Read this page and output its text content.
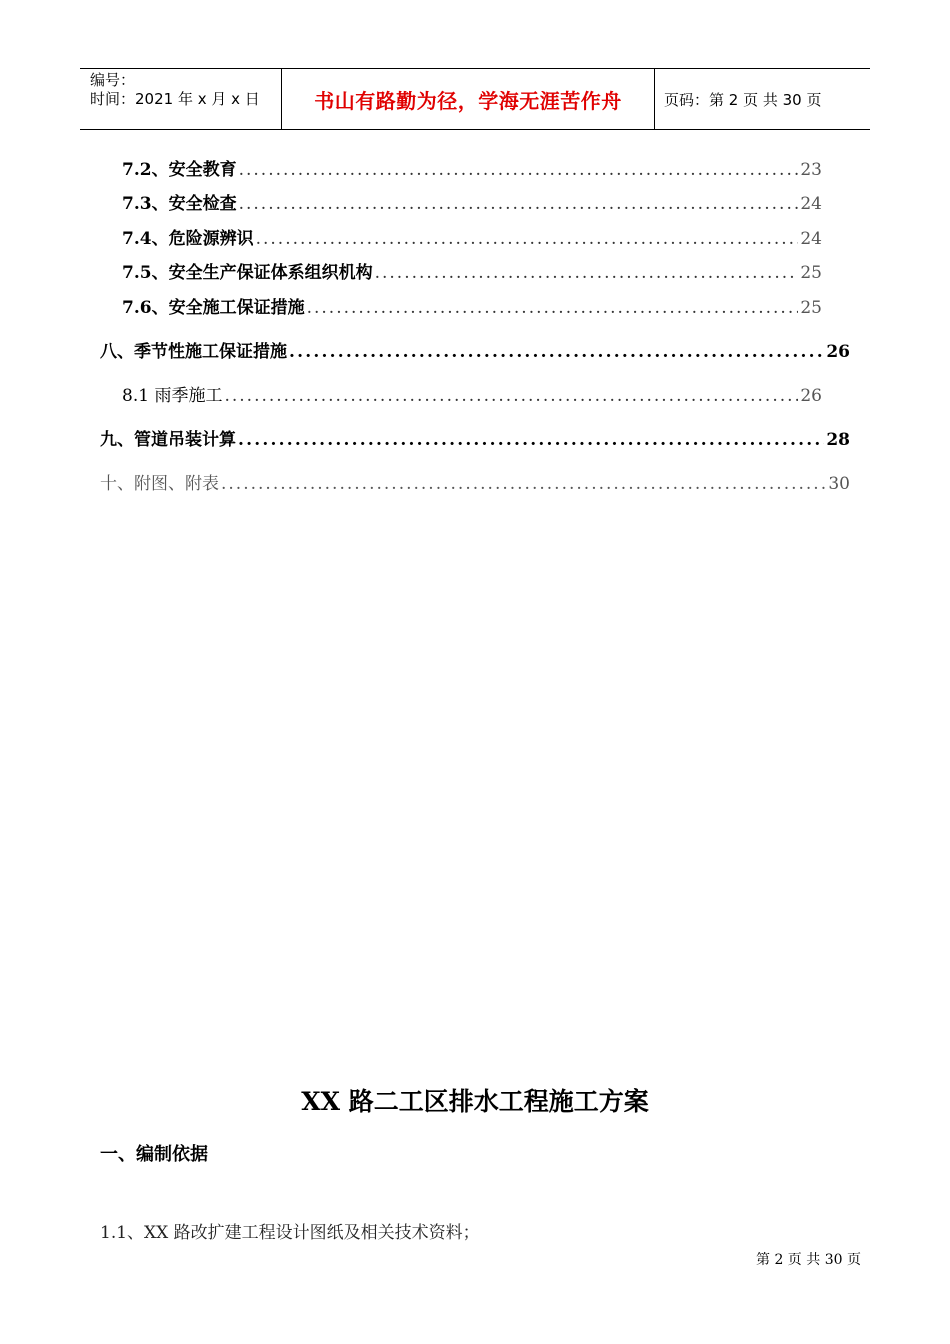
编号：
时间：2021 年 x 月 x 日	书山有路勤为径，学海无涯苦作舟	页码：第 2 页 共 30 页
7.2、安全教育 .....	23
7.3、安全检查 .....	24
7.4、危险源辨识 .....	24
7.5、安全生产保证体系组织机构 .....	25
7.6、安全施工保证措施 .....	25
八、季节性施工保证措施 .....	26
8.1 雨季施工 .....	26
九、管道吊装计算 .....	28
十、附图、附表 .....	30
XX 路二工区排水工程施工方案
一、编制依据
1.1、XX 路改扩建工程设计图纸及相关技术资料；
第 2 页 共 30 页
